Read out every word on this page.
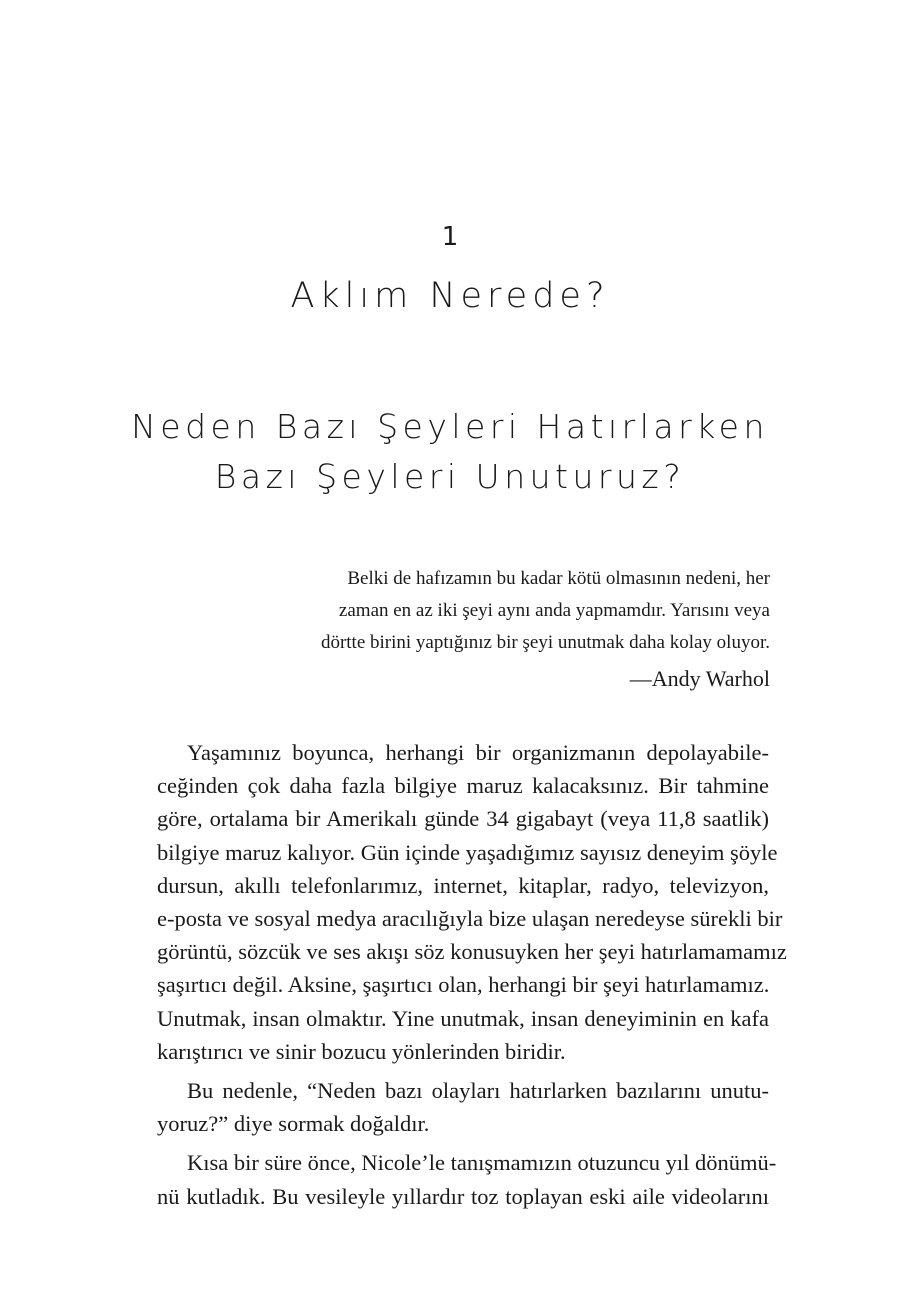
1
Aklım Nerede?
Neden Bazı Şeyleri Hatırlarken
Bazı Şeyleri Unuturuz?
Belki de hafızamın bu kadar kötü olmasının nedeni, her
zaman en az iki şeyi aynı anda yapmamdır. Yarısını veya
dörtte birini yaptığınız bir şeyi unutmak daha kolay oluyor.
—Andy Warhol

Yaşamınız boyunca, herhangi bir organizmanın depolayabile-
ceğinden çok daha fazla bilgiye maruz kalacaksınız. Bir tahmine
göre, ortalama bir Amerikalı günde 34 gigabayt (veya 11,8 saatlik)
bilgiye maruz kalıyor. Gün içinde yaşadığımız sayısız deneyim şöyle
dursun, akıllı telefonlarımız, internet, kitaplar, radyo, televizyon,
e-posta ve sosyal medya aracılığıyla bize ulaşan neredeyse sürekli bir
görüntü, sözcük ve ses akışı söz konusuyken her şeyi hatırlamamamız
şaşırtıcı değil. Aksine, şaşırtıcı olan, herhangi bir şeyi hatırlamamız.
Unutmak, insan olmaktır. Yine unutmak, insan deneyiminin en kafa
karıştırıcı ve sinir bozucu yönlerinden biridir.

Bu nedenle, “Neden bazı olayları hatırlarken bazılarını unutu-
yoruz?” diye sormak doğaldır.

Kısa bir süre önce, Nicole’le tanışmamızın otuzuncu yıl dönümü-
nü kutladık. Bu vesileyle yıllardır toz toplayan eski aile videolarını
